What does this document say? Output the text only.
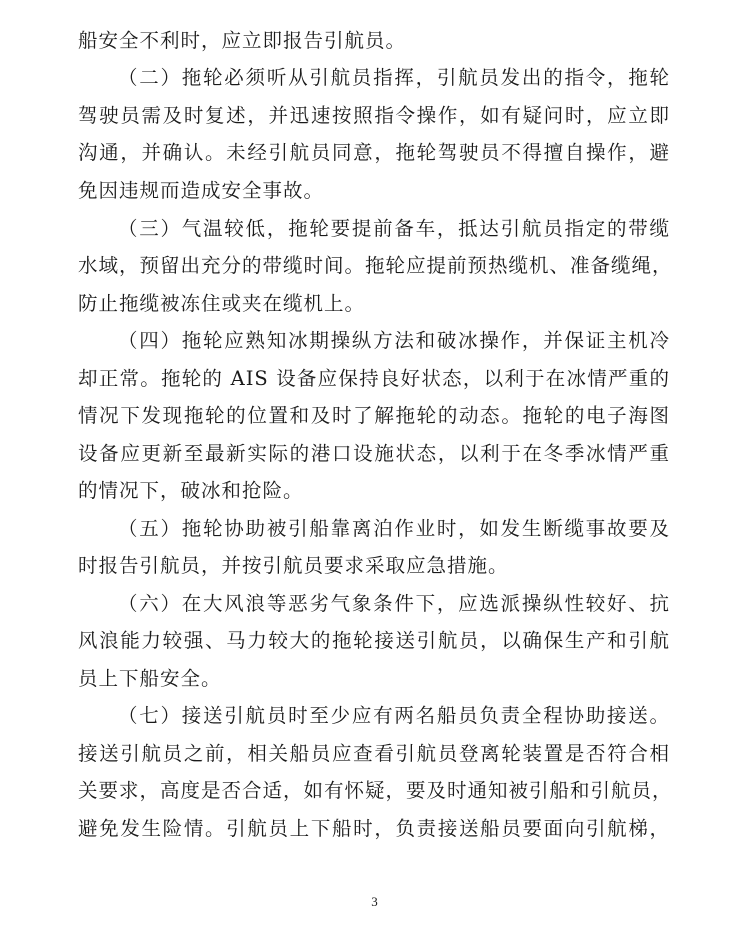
船安全不利时，应立即报告引航员。
（二）拖轮必须听从引航员指挥，引航员发出的指令，拖轮
驾驶员需及时复述，并迅速按照指令操作，如有疑问时，应立即
沟通，并确认。未经引航员同意，拖轮驾驶员不得擅自操作，避
免因违规而造成安全事故。
（三）气温较低，拖轮要提前备车，抵达引航员指定的带缆
水域，预留出充分的带缆时间。拖轮应提前预热缆机、准备缆绳，
防止拖缆被冻住或夹在缆机上。
（四）拖轮应熟知冰期操纵方法和破冰操作，并保证主机冷
却正常。拖轮的 AIS 设备应保持良好状态，以利于在冰情严重的
情况下发现拖轮的位置和及时了解拖轮的动态。拖轮的电子海图
设备应更新至最新实际的港口设施状态，以利于在冬季冰情严重
的情况下，破冰和抢险。
（五）拖轮协助被引船靠离泊作业时，如发生断缆事故要及
时报告引航员，并按引航员要求采取应急措施。
（六）在大风浪等恶劣气象条件下，应选派操纵性较好、抗
风浪能力较强、马力较大的拖轮接送引航员，以确保生产和引航
员上下船安全。
（七）接送引航员时至少应有两名船员负责全程协助接送。
接送引航员之前，相关船员应查看引航员登离轮装置是否符合相
关要求，高度是否合适，如有怀疑，要及时通知被引船和引航员，
避免发生险情。引航员上下船时，负责接送船员要面向引航梯，
3
